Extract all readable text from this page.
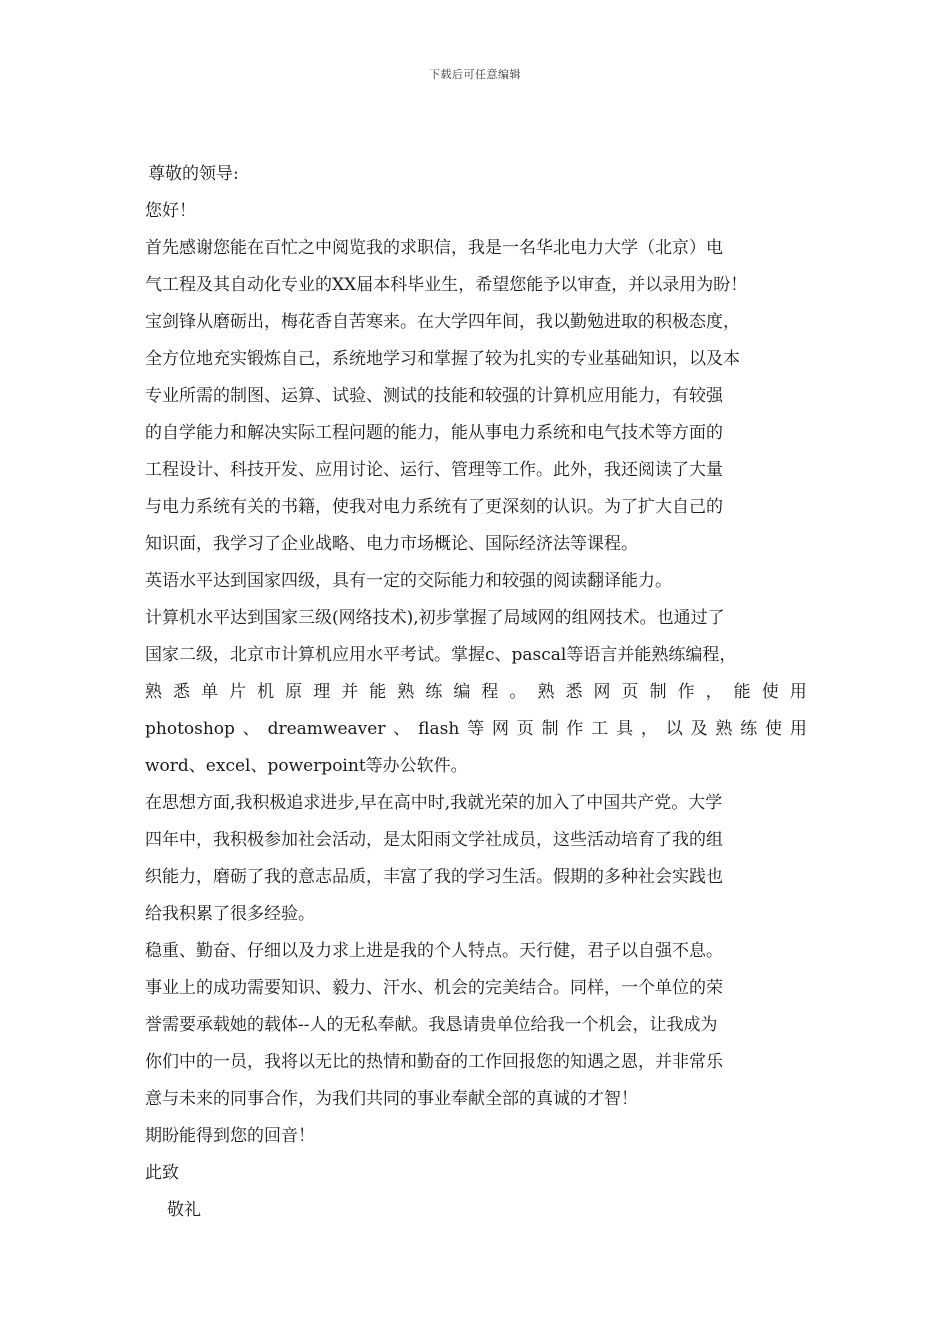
下载后可任意编辑
尊敬的领导:
您好！
首先感谢您能在百忙之中阅览我的求职信，我是一名华北电力大学（北京）电
气工程及其自动化专业的XX届本科毕业生，希望您能予以审查，并以录用为盼！
宝剑锋从磨砺出，梅花香自苦寒来。在大学四年间，我以勤勉进取的积极态度，
全方位地充实锻炼自己，系统地学习和掌握了较为扎实的专业基础知识，以及本
专业所需的制图、运算、试验、测试的技能和较强的计算机应用能力，有较强
的自学能力和解决实际工程问题的能力，能从事电力系统和电气技术等方面的
工程设计、科技开发、应用讨论、运行、管理等工作。此外，我还阅读了大量
与电力系统有关的书籍，使我对电力系统有了更深刻的认识。为了扩大自己的
知识面，我学习了企业战略、电力市场概论、国际经济法等课程。
英语水平达到国家四级，具有一定的交际能力和较强的阅读翻译能力。
计算机水平达到国家三级(网络技术),初步掌握了局域网的组网技术。也通过了
国家二级，北京市计算机应用水平考试。掌握c、pascal等语言并能熟练编程，
熟 悉 单 片 机 原 理 并 能 熟 练 编 程 。 熟 悉 网 页 制 作 ， 能 使 用
photoshop 、 dreamweaver 、 flash 等 网 页 制 作 工 具 ， 以 及 熟 练 使 用
word、excel、powerpoint等办公软件。
在思想方面,我积极追求进步,早在高中时,我就光荣的加入了中国共产党。大学
四年中，我积极参加社会活动，是太阳雨文学社成员，这些活动培育了我的组
织能力，磨砺了我的意志品质，丰富了我的学习生活。假期的多种社会实践也
给我积累了很多经验。
稳重、勤奋、仔细以及力求上进是我的个人特点。天行健，君子以自强不息。
事业上的成功需要知识、毅力、汗水、机会的完美结合。同样，一个单位的荣
誉需要承载她的载体--人的无私奉献。我恳请贵单位给我一个机会，让我成为
你们中的一员，我将以无比的热情和勤奋的工作回报您的知遇之恩，并非常乐
意与未来的同事合作，为我们共同的事业奉献全部的真诚的才智！
期盼能得到您的回音！
此致
敬礼
